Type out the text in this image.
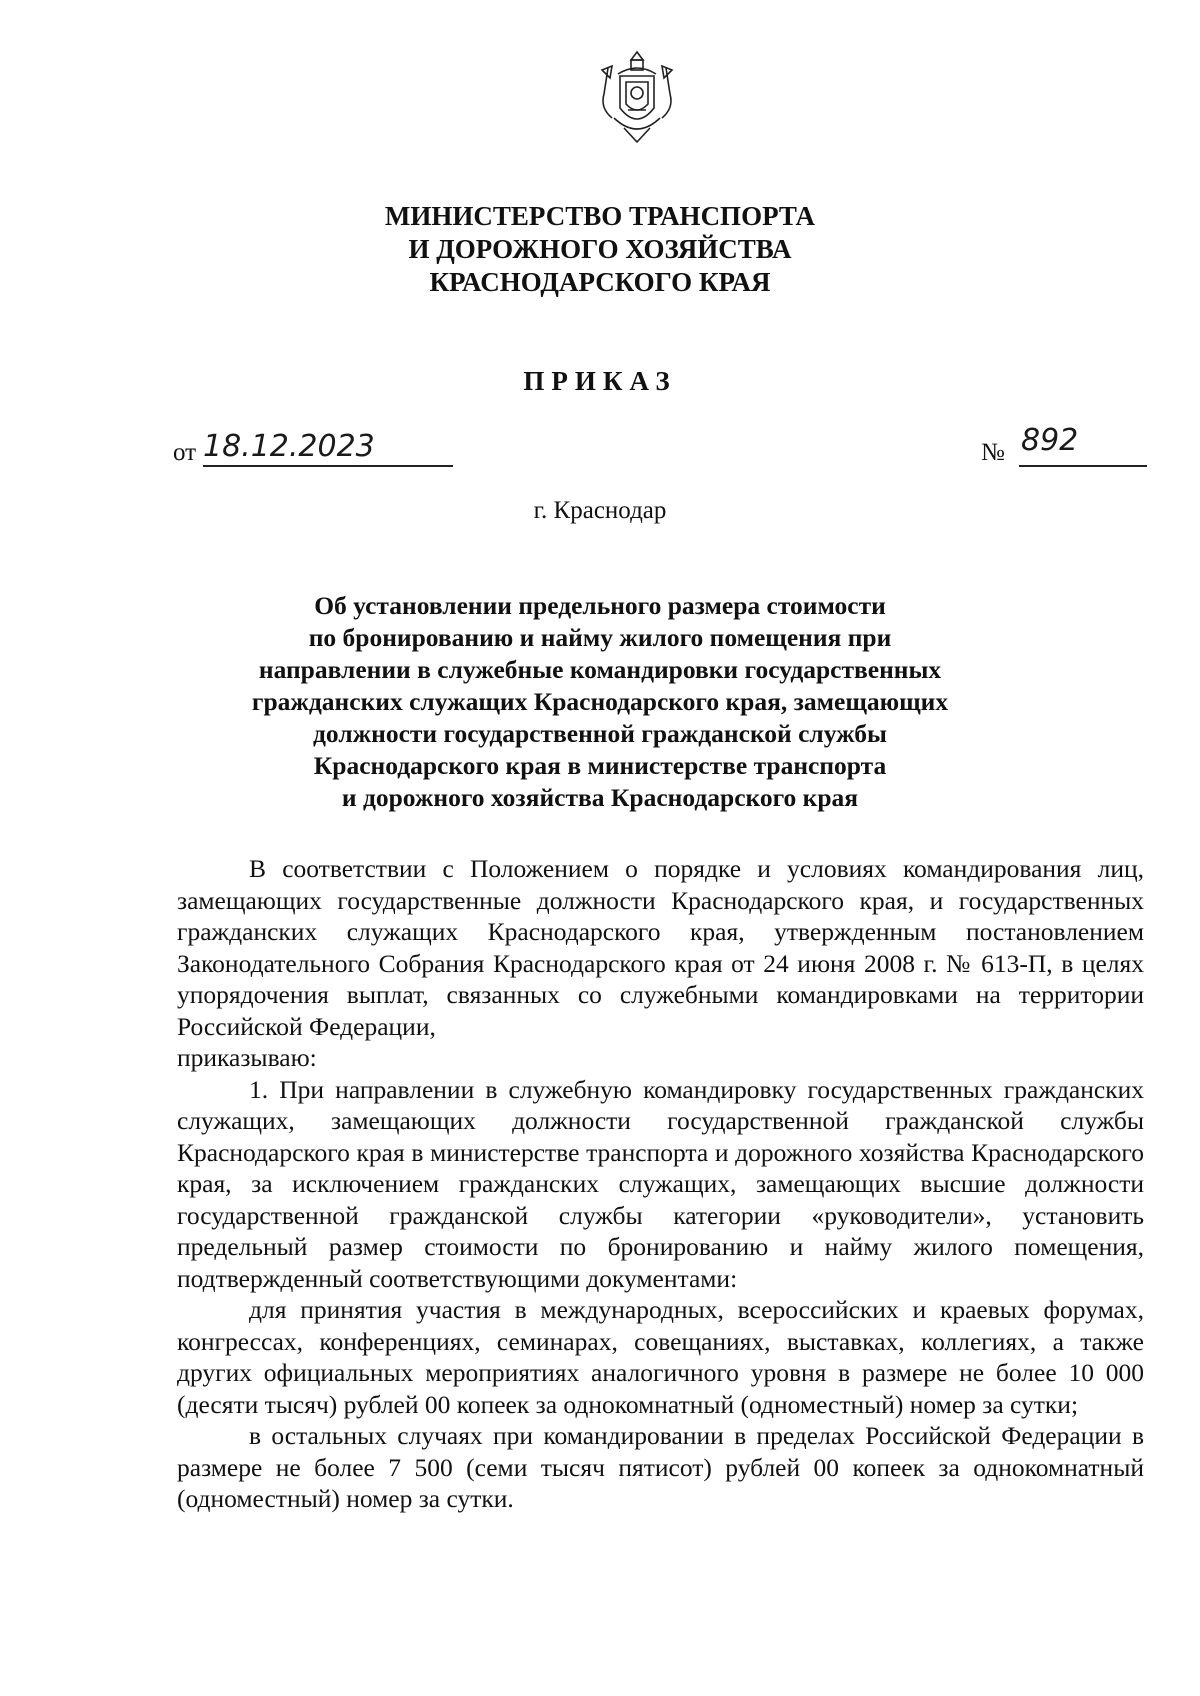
МИНИСТЕРСТВО ТРАНСПОРТА
И ДОРОЖНОГО ХОЗЯЙСТВА
КРАСНОДАРСКОГО КРАЯ
ПРИКАЗ
от 18.12.2023	№ 892
г. Краснодар
Об установлении предельного размера стоимости
по бронированию и найму жилого помещения при
направлении в служебные командировки государственных
гражданских служащих Краснодарского края, замещающих
должности государственной гражданской службы
Краснодарского края в министерстве транспорта
и дорожного хозяйства Краснодарского края

В соответствии с Положением о порядке и условиях командирования лиц, замещающих государственные должности Краснодарского края, и государственных гражданских служащих Краснодарского края, утвержденным постановлением Законодательного Собрания Краснодарского края от 24 июня 2008 г. № 613-П, в целях упорядочения выплат, связанных со служебными командировками на территории Российской Федерации,

приказываю:

1. При направлении в служебную командировку государственных гражданских служащих, замещающих должности государственной гражданской службы Краснодарского края в министерстве транспорта и дорожного хозяйства Краснодарского края, за исключением гражданских служащих, замещающих высшие должности государственной гражданской службы категории «руководители», установить предельный размер стоимости по бронированию и найму жилого помещения, подтвержденный соответствующими документами:

для принятия участия в международных, всероссийских и краевых форумах, конгрессах, конференциях, семинарах, совещаниях, выставках, коллегиях, а также других официальных мероприятиях аналогичного уровня в размере не более 10 000 (десяти тысяч) рублей 00 копеек за однокомнатный (одноместный) номер за сутки;

в остальных случаях при командировании в пределах Российской Федерации в размере не более 7 500 (семи тысяч пятисот) рублей 00 копеек за однокомнатный (одноместный) номер за сутки.
